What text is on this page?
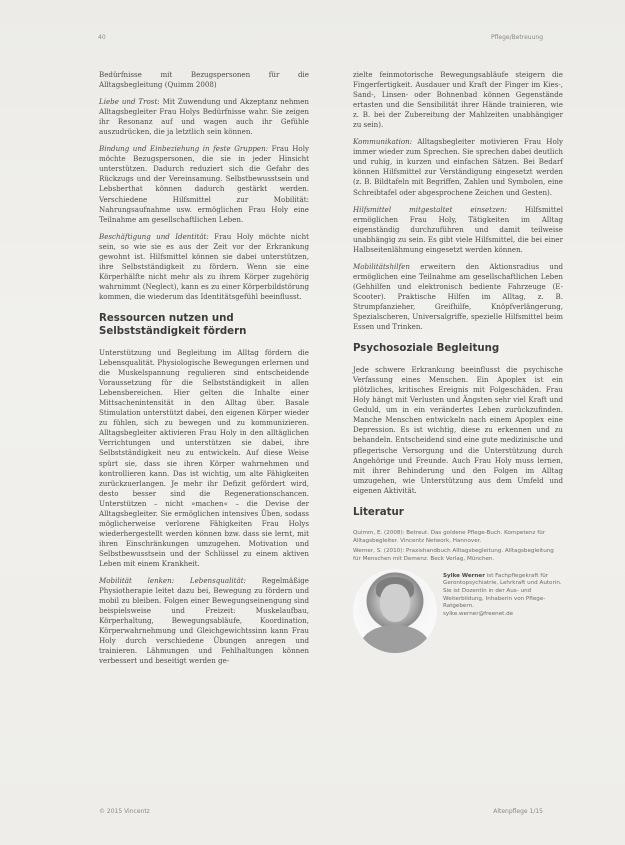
40	Pflege/Betreuung

Bedürfnisse mit Bezugspersonen für die Alltagsbegleitung (Quimm 2008)

Liebe und Trost: Mit Zuwendung und Akzeptanz nehmen Alltagsbegleiter Frau Holys Bedürfnisse wahr. Sie zeigen ihr Resonanz auf und wagen auch ihr Gefühle auszudrücken, die ja letztlich sein können.

Bindung und Einbeziehung in feste Gruppen: Frau Holy möchte Bezugspersonen, die sie in jeder Hinsicht unterstützen. Dadurch reduziert sich die Gefahr des Rückzugs und der Vereinsamung. Selbstbewusstsein und Lebsberthat können dadurch gestärkt werden. Verschiedene Hilfsmittel zur Mobilität: Nahrungsaufnahme usw. ermöglichen Frau Holy eine Teilnahme am gesellschaftlichen Leben.

Beschäftigung und Identität: Frau Holy möchte nicht sein, so wie sie es aus der Zeit vor der Erkrankung gewohnt ist. Hilfsmittel können sie dabei unterstützen, ihre Selbstständigkeit zu fördern. Wenn sie eine Körperhälfte nicht mehr als zu ihrem Körper zugehörig wahrnimmt (Neglect), kann es zu einer Körperbildstörung kommen, die wiederum das Identitätsgefühl beeinflusst.

Ressourcen nutzen und Selbstständigkeit fördern

Unterstützung und Begleitung im Alltag fördern die Lebensqualität. Physiologische Bewegungen erlernen und die Muskelspannung regulieren sind entscheidende Voraussetzung für die Selbstständigkeit in allen Lebensbereichen. Hier gelten die Inhalte einer Mittsachenintensität in den Alltag über. Basale Stimulation unterstützt dabei, den eigenen Körper wieder zu fühlen, sich zu bewegen und zu kommunizieren. Alltagsbegleiter aktivieren Frau Holy in den alltäglichen Verrichtungen und unterstützen sie dabei, ihre Selbstständigkeit neu zu entwickeln. Auf diese Weise spürt sie, dass sie ihren Körper wahrnehmen und kontrollieren kann. Das ist wichtig, um alte Fähigkeiten zurückzuerlangen. Je mehr ihr Defizit gefördert wird, desto besser sind die Regenerationschancen. Unterstützen – nicht »machen« – die Devise der Alltagsbegleiter. Sie ermöglichen intensives Üben, sodass möglicherweise verlorene Fähigkeiten Frau Holys wiederhergestellt werden können bzw. dass sie lernt, mit ihren Einschränkungen umzugehen. Motivation und Selbstbewusstsein und der Schlüssel zu einem aktiven Leben mit einem Krankheit.

Mobilität lenken: Lebensqualität: Regelmäßige Physiotherapie leitet dazu bei, Bewegung zu fördern und mobil zu bleiben. Folgen einer Bewegungseinengung sind beispielsweise und Freizeit: Muskelaufbau, Körperhaltung, Bewegungsabläufe, Koordination, Körperwahrnehmung und Gleichgewichtssinn kann Frau Holy durch verschiedene Übungen anregen und trainieren. Lähmungen und Fehlhaltungen können verbessert und beseitigt werden ge-

zielte feinmotorische Bewegungsabläufe steigern die Fingerfertigkeit. Ausdauer und Kraft der Finger im Kies-, Sand-, Linsen- oder Bohnenbad können Gegenstände ertasten und die Sensibilität ihrer Hände trainieren, wie z. B. bei der Zubereitung der Mahlzeiten unabhängiger zu sein).

Kommunikation: Alltagsbegleiter motivieren Frau Holy immer wieder zum Sprechen. Sie sprechen dabei deutlich und ruhig, in kurzen und einfachen Sätzen. Bei Bedarf können Hilfsmittel zur Verständigung eingesetzt werden (z. B. Bildtafeln mit Begriffen, Zahlen und Symbolen, eine Schreibtafel oder abgesprochene Zeichen und Gesten).

Hilfsmittel mitgestaltet einsetzen: Hilfsmittel ermöglichen Frau Holy, Tätigkeiten im Alltag eigenständig durchzuführen und damit teilweise unabhängig zu sein. Es gibt viele Hilfsmittel, die bei einer Halbseitenlähmung eingesetzt werden können.

Mobilitätshilfen erweitern den Aktionsradius und ermöglichen eine Teilnahme am gesellschaftlichen Leben (Gehhilfen und elektronisch bediente Fahrzeuge (E-Scooter). Praktische Hilfen im Alltag, z. B. Strumpfanzieher, Greifhilfe, Knöpfverlängerung, Spezialscheren, Universalgriffe, spezielle Hilfsmittel beim Essen und Trinken.

Psychosoziale Begleitung

Jede schwere Erkrankung beeinflusst die psychische Verfassung eines Menschen. Ein Apoplex ist ein plötzliches, kritisches Ereignis mit Folgeschäden. Frau Holy hängt mit Verlusten und Ängsten sehr viel Kraft und Geduld, um in ein verändertes Leben zurückzufinden. Manche Menschen entwickeln nach einem Apoplex eine Depression. Es ist wichtig, diese zu erkennen und zu behandeln. Entscheidend sind eine gute medizinische und pflegerische Versorgung und die Unterstützung durch Angehörige und Freunde. Auch Frau Holy muss lernen, mit ihrer Behinderung und den Folgen im Alltag umzugehen, wie Unterstützung aus dem Umfeld und eigenen Aktivität.

Literatur
Quimm, E. (2008): Betreut. Das goldene Pflege-Buch. Kompetenz für Alltagsbegleiter. Vincentz Network, Hannover.
Werner, S. (2010): Praxishandbuch Alltagsbegleitung. Alltagsbegleitung für Menschen mit Demenz. Beck Verlag, München.
Sylke Werner ist Fachpflegekraft für Gerontopsychiatrie, Lehrkraft und Autorin. Sie ist Dozentin in der Aus- und Weiterbildung, Inhaberin von Pflege-Ratgebern.
sylke.werner@freenet.de
© 2015 Vincentz	Altenpflege 1/15
